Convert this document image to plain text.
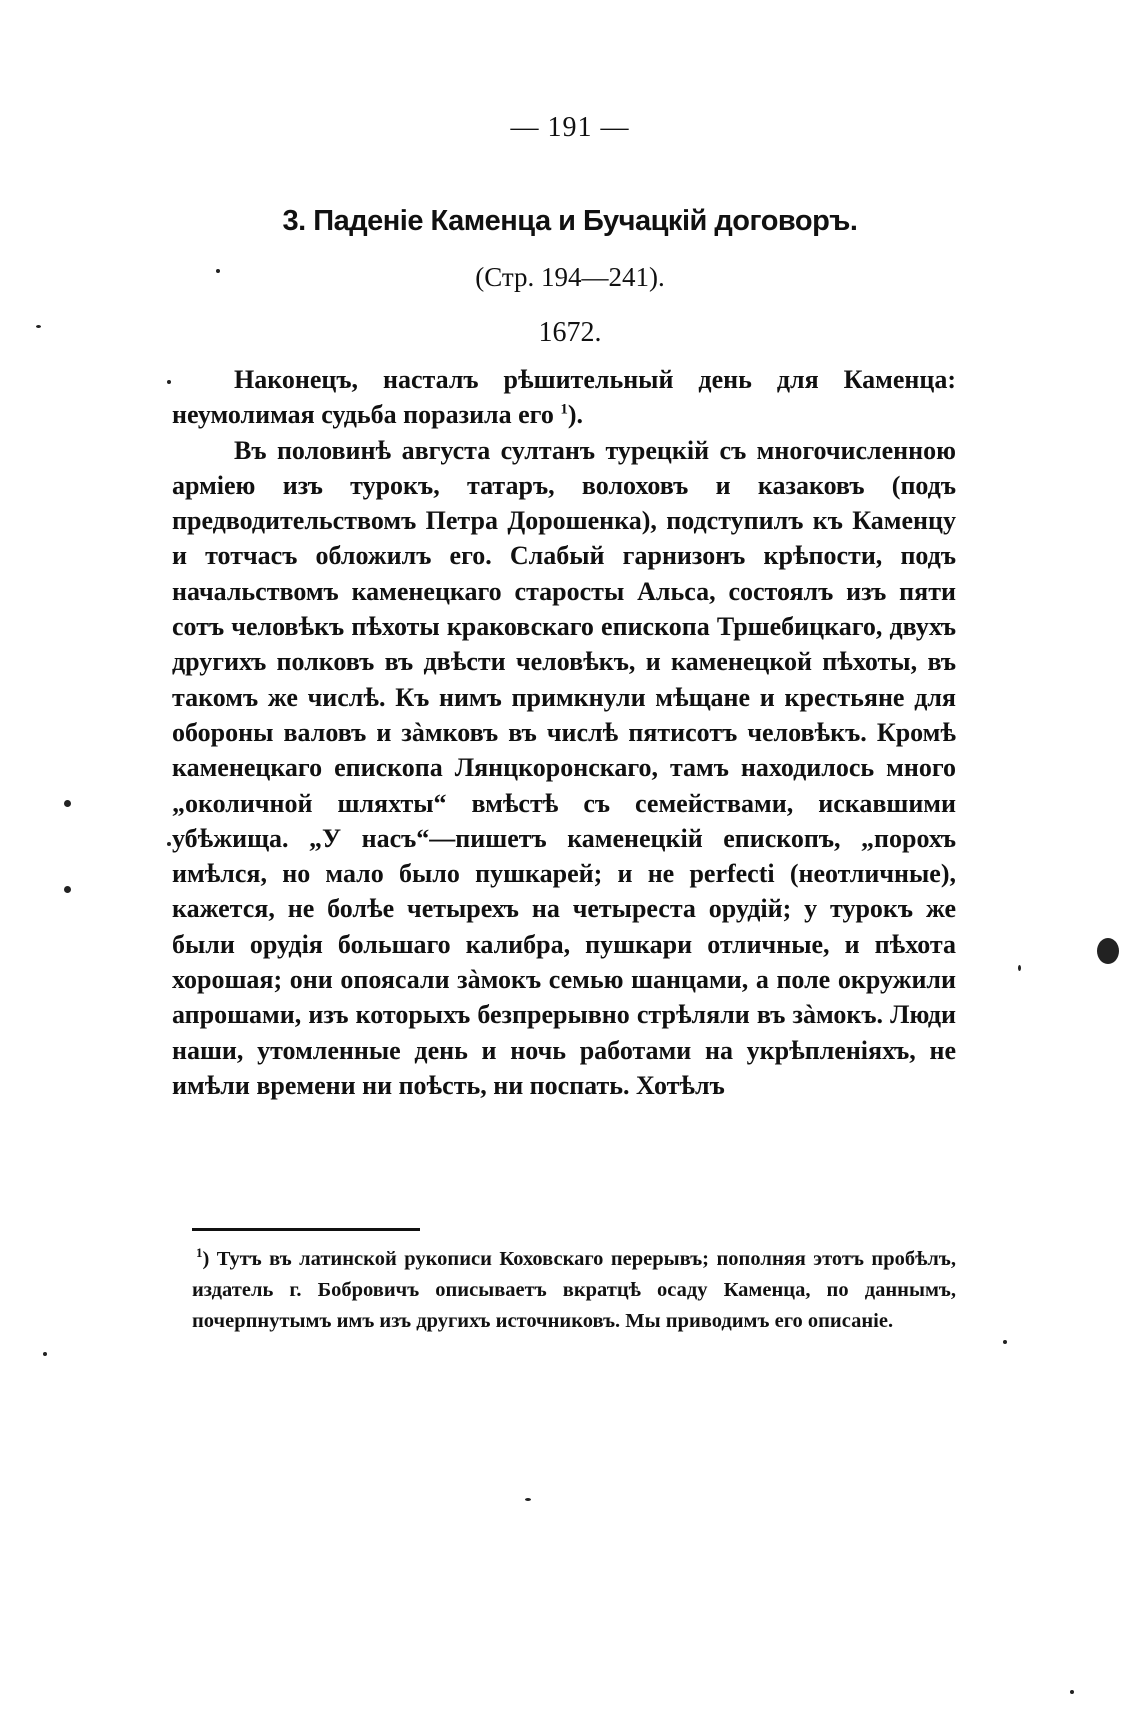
— 191 —
3. Паденіе Каменца и Бучацкій договоръ.
(Стр. 194—241).
1672.

Наконецъ, насталъ рѣшительный день для Каменца: неумолимая судьба поразила его $^1$).

Въ половинѣ августа султанъ турецкій съ многочисленною арміею изъ турокъ, татаръ, волоховъ и казаковъ (подъ предводительствомъ Петра Дорошенка), подступилъ къ Каменцу и тотчасъ обложилъ его. Слабый гарнизонъ крѣпости, подъ начальствомъ каменецкаго старосты Альса, состоялъ изъ пяти сотъ человѣкъ пѣхоты краковскаго епископа Тршебицкаго, двухъ другихъ полковъ въ двѣсти человѣкъ, и каменецкой пѣхоты, въ такомъ же числѣ. Къ нимъ примкнули мѣщане и крестьяне для обороны валовъ и зàмковъ въ числѣ пятисотъ человѣкъ. Кромѣ каменецкаго епископа Лянцкоронскаго, тамъ находилось много „околичной шляхты“ вмѣстѣ съ семействами, искавшими убѣжища. „У насъ“—пишетъ каменецкій епископъ, „порохъ имѣлся, но мало было пушкарей; и не perfecti (неотличные), кажется, не болѣе четырехъ на четыреста орудій; у турокъ же были орудія большаго калибра, пушкари отличные, и пѣхота хорошая; они опоясали зàмокъ семью шанцами, а поле окружили апрошами, изъ которыхъ безпрерывно стрѣляли въ зàмокъ. Люди наши, утомленные день и ночь работами на укрѣпленіяхъ, не имѣли времени ни поѣсть, ни поспать. Хотѣлъ

$^1$) Тутъ въ латинской рукописи Коховскаго перерывъ; пополняя этотъ пробѣлъ, издатель г. Бобровичъ описываетъ вкратцѣ осаду Каменца, по даннымъ, почерпнутымъ имъ изъ другихъ источниковъ. Мы приводимъ его описаніе.
